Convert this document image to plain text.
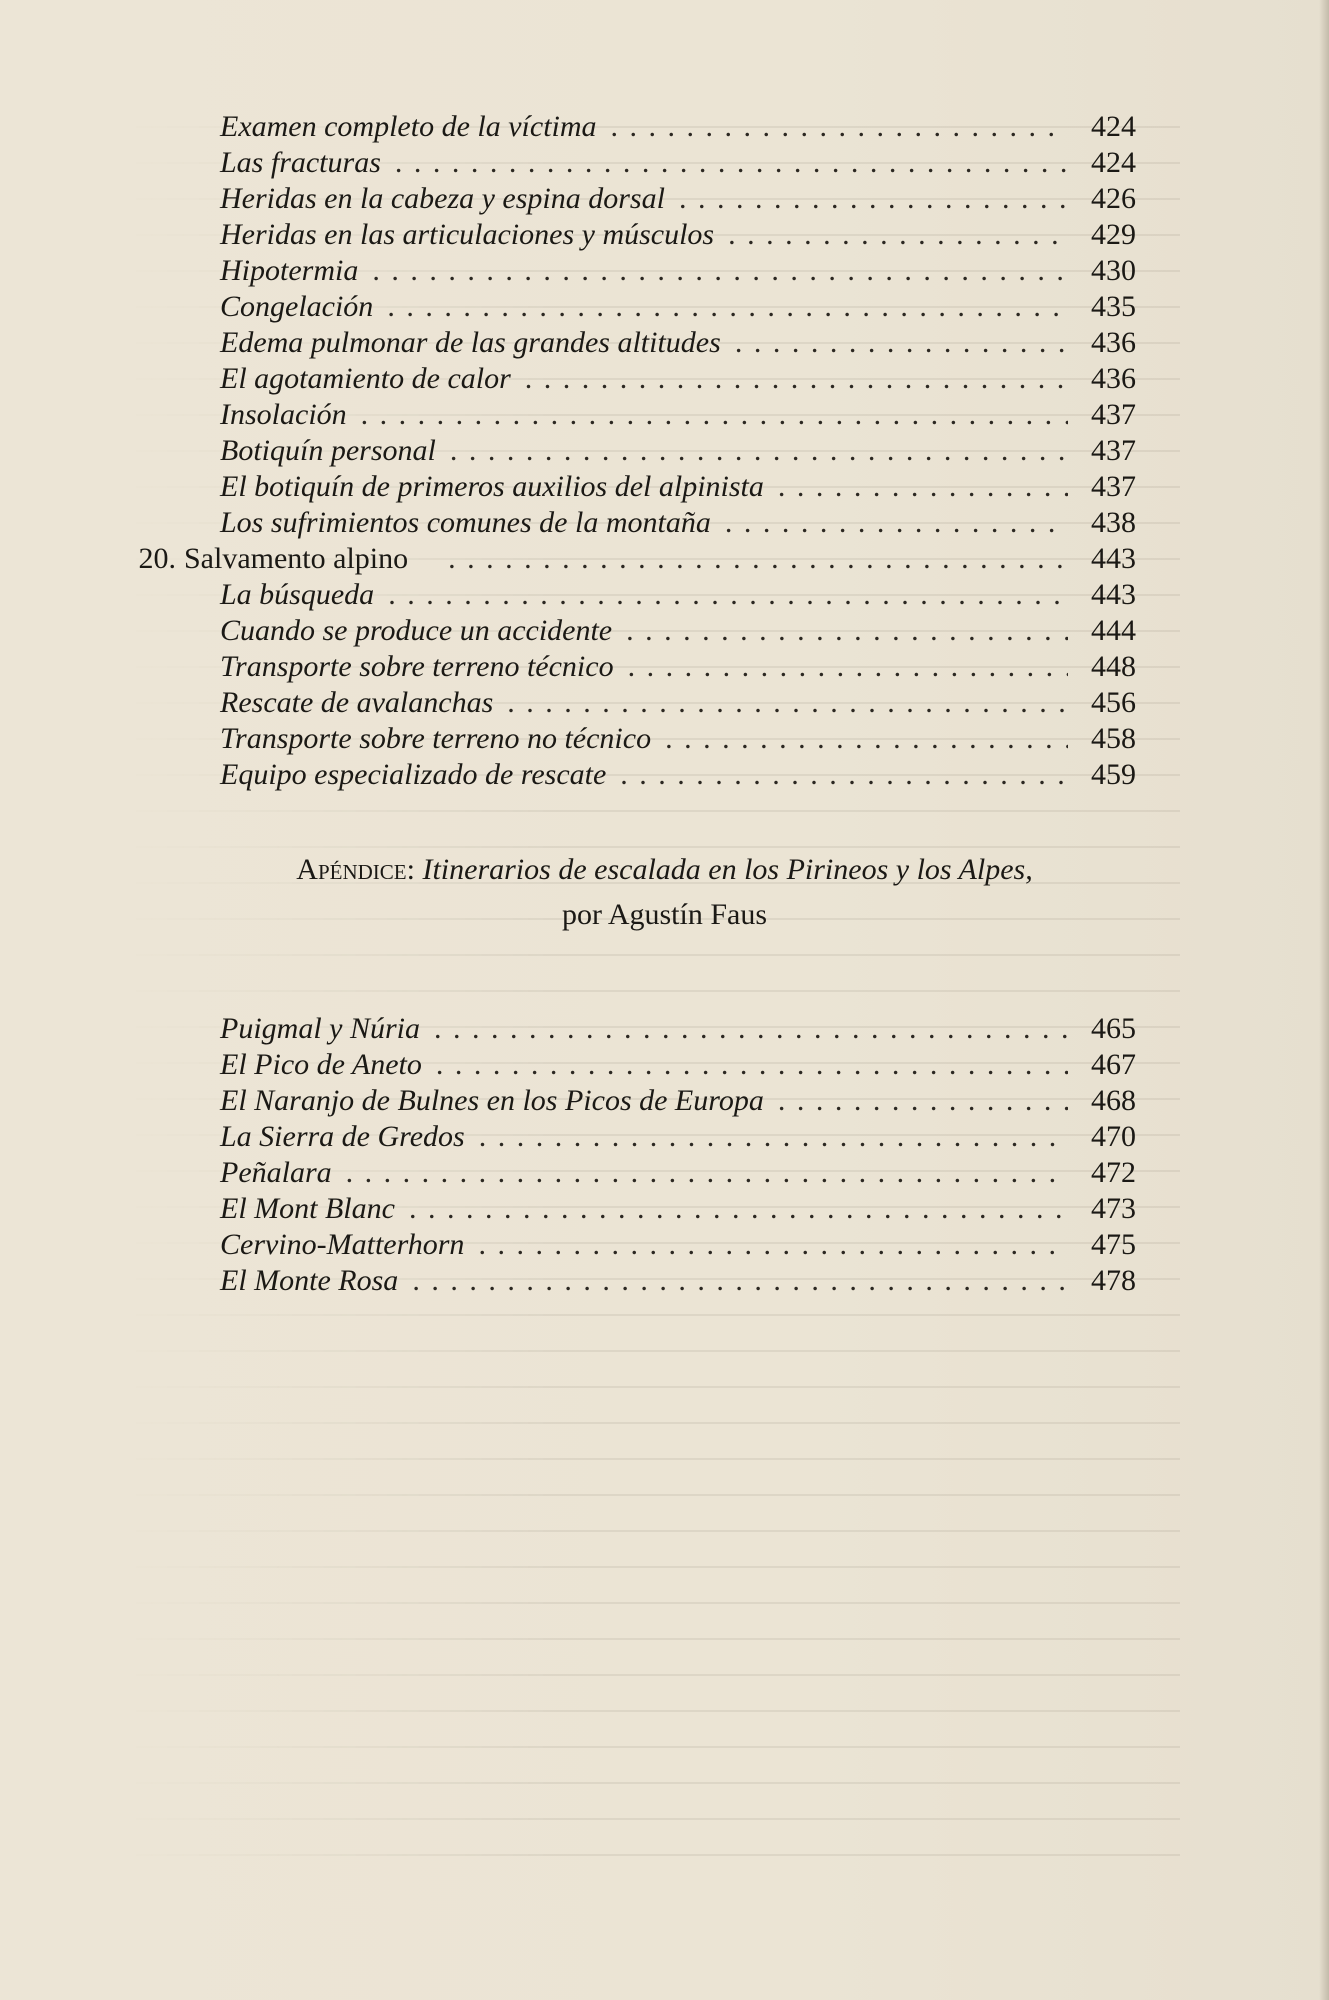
Examen completo de la víctima . . .	424
Las fracturas . . .	424
Heridas en la cabeza y espina dorsal . . .	426
Heridas en las articulaciones y músculos . . .	429
Hipotermia . . .	430
Congelación . . .	435
Edema pulmonar de las grandes altitudes . . .	436
El agotamiento de calor . . .	436
Insolación . . .	437
Botiquín personal . . .	437
El botiquín de primeros auxilios del alpinista . . .	437
Los sufrimientos comunes de la montaña . . .	438
20. Salvamento alpino . . .	443
La búsqueda . . .	443
Cuando se produce un accidente . . .	444
Transporte sobre terreno técnico . . .	448
Rescate de avalanchas . . .	456
Transporte sobre terreno no técnico . . .	458
Equipo especializado de rescate . . .	459
Apéndice: Itinerarios de escalada en los Pirineos y los Alpes,
por Agustín Faus
Puigmal y Núria . . .	465
El Pico de Aneto . . .	467
El Naranjo de Bulnes en los Picos de Europa . . .	468
La Sierra de Gredos . . .	470
Peñalara . . .	472
El Mont Blanc . . .	473
Cervino-Matterhorn . . .	475
El Monte Rosa . . .	478
